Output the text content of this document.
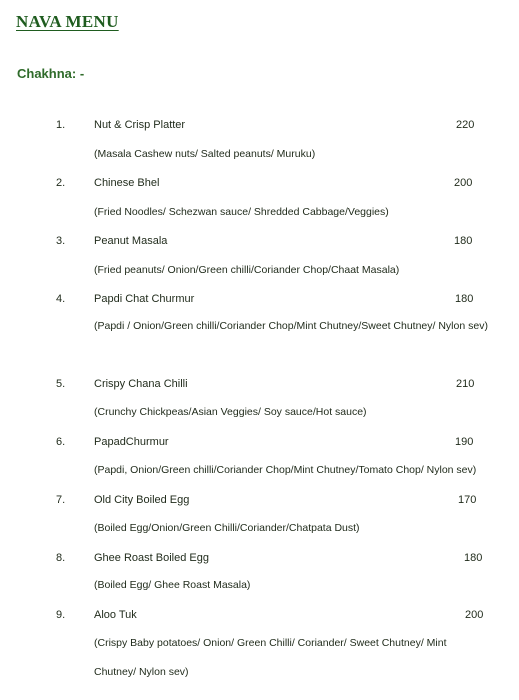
NAVA MENU
Chakhna: -
1.	Nut & Crisp Platter	220
(Masala Cashew nuts/ Salted peanuts/ Muruku)
2.	Chinese Bhel	200
(Fried Noodles/ Schezwan sauce/ Shredded Cabbage/Veggies)
3.	Peanut Masala	180
(Fried peanuts/ Onion/Green chilli/Coriander Chop/Chaat Masala)
4.	Papdi Chat Churmur	180
(Papdi / Onion/Green chilli/Coriander Chop/Mint Chutney/Sweet Chutney/ Nylon sev)
5.	Crispy Chana Chilli	210
(Crunchy Chickpeas/Asian Veggies/ Soy sauce/Hot sauce)
6.	PapadChurmur	190
(Papdi, Onion/Green chilli/Coriander Chop/Mint Chutney/Tomato Chop/ Nylon sev)
7.	Old City Boiled Egg	170
(Boiled Egg/Onion/Green Chilli/Coriander/Chatpata Dust)
8.	Ghee Roast Boiled Egg	180
(Boiled Egg/ Ghee Roast Masala)
9.	Aloo Tuk	200
(Crispy Baby potatoes/ Onion/ Green Chilli/ Coriander/ Sweet Chutney/ Mint Chutney/ Nylon sev)
